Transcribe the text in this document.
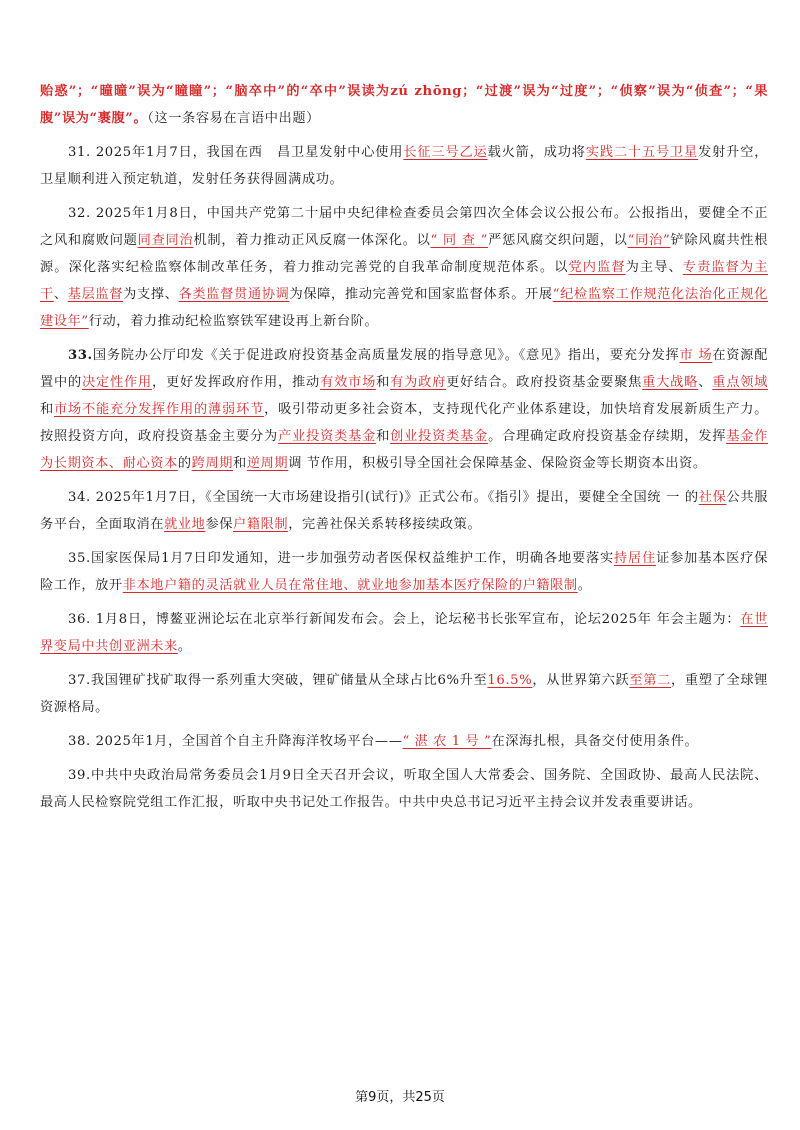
贻惑”；“曈曈”误为“瞳瞳”；“脑卒中”的“卒中”误读为zú zhōng；“过渡”误为“过度”；“侦察”误为“侦查”；“果腹”误为“裹腹”。（这一条容易在言语中出题）

31. 2025年1月7日，我国在西 昌卫星发射中心使用长征三号乙运载火箭，成功将实践二十五号卫星发射升空，卫星顺利进入预定轨道，发射任务获得圆满成功。

32. 2025年1月8日，中国共产党第二十届中央纪律检查委员会第四次全体会议公报公布。公报指出，要健全不正之风和腐败问题同查同治机制，着力推动正风反腐一体深化。以“ 同 查 ”严惩风腐交织问题，以“同治”铲除风腐共性根源。深化落实纪检监察体制改革任务，着力推动完善党的自我革命制度规范体系。以党内监督为主导、专责监督为主干、基层监督为支撑、各类监督贯通协调为保障，推动完善党和国家监督体系。开展“纪检监察工作规范化法治化正规化建设年”行动，着力推动纪检监察铁军建设再上新台阶。

33.国务院办公厅印发《关于促进政府投资基金高质量发展的指导意见》。《意见》指出，要充分发挥市 场在资源配置中的决定性作用，更好发挥政府作用，推动有效市场和有为政府更好结合。政府投资基金要聚焦重大战略、重点领域和市场不能充分发挥作用的薄弱环节，吸引带动更多社会资本，支持现代化产业体系建设，加快培育发展新质生产力。按照投资方向，政府投资基金主要分为产业投资类基金和创业投资类基金。合理确定政府投资基金存续期，发挥基金作 为长期资本、耐心资本的跨周期和逆周期调 节作用，积极引导全国社会保障基金、保险资金等长期资本出资。

34. 2025年1月7日，《全国统一大市场建设指引(试行)》正式公布。《指引》提出，要健全全国统 一 的社保公共服务平台，全面取消在就业地参保户籍限制，完善社保关系转移接续政策。

35.国家医保局1月7日印发通知，进一步加强劳动者医保权益维护工作，明确各地要落实持居住证参加基本医疗保险工作，放开非本地户籍的灵活就业人员在常住地、就业地参加基本医疗保险的户籍限制。

36. 1月8日，博鳌亚洲论坛在北京举行新闻发布会。会上，论坛秘书长张军宣布，论坛2025年 年会主题为：在世界变局中共创亚洲未来。

37.我国锂矿找矿取得一系列重大突破，锂矿储量从全球占比6%升至16.5%，从世界第六跃至第二，重塑了全球锂资源格局。

38. 2025年1月，全国首个自主升降海洋牧场平台——“ 湛 农 1 号 ”在深海扎根，具备交付使用条件。

39.中共中央政治局常务委员会1月9日全天召开会议，听取全国人大常委会、国务院、全国政协、最高人民法院、最高人民检察院党组工作汇报，听取中央书记处工作报告。中共中央总书记习近平主持会议并发表重要讲话。

第9页，共25页
